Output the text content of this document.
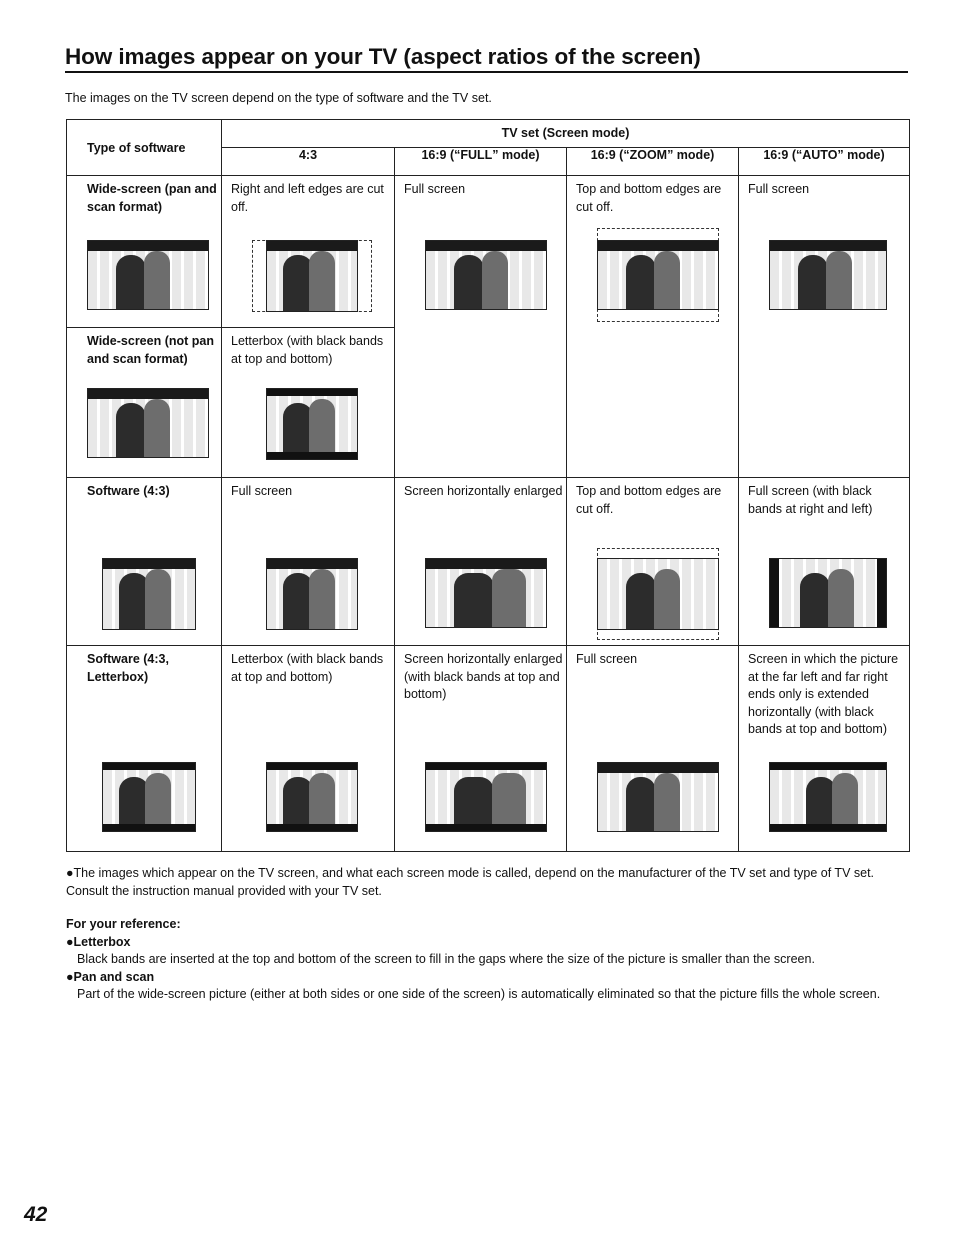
How images appear on your TV (aspect ratios of the screen)
The images on the TV screen depend on the type of software and the TV set.
Type of software	TV set (Screen mode)			

	4:3	16:9 (“FULL” mode)	16:9 (“ZOOM” mode)	16:9 (“AUTO” mode)

Wide-screen (pan and scan format)	Right and left edges are cut off.	Full screen	Top and bottom edges are cut off.	Full screen

Wide-screen (not pan and scan format)	Letterbox (with black bands at top and bottom)			

Software (4:3)	Full screen	Screen horizontally enlarged	Top and bottom edges are cut off.	Full screen (with black bands at right and left)

Software (4:3, Letterbox)	Letterbox (with black bands at top and bottom)	Screen horizontally enlarged (with black bands at top and bottom)	Full screen	Screen in which the picture at the far left and far right ends only is extended horizontally (with black bands at top and bottom)
●The images which appear on the TV screen, and what each screen mode is called, depend on the manufacturer of the TV set and type of TV set. Consult the instruction manual provided with your TV set.
For your reference:
●Letterbox
Black bands are inserted at the top and bottom of the screen to fill in the gaps where the size of the picture is smaller than the screen.
●Pan and scan
Part of the wide-screen picture (either at both sides or one side of the screen) is automatically eliminated so that the picture fills the whole screen.
42
